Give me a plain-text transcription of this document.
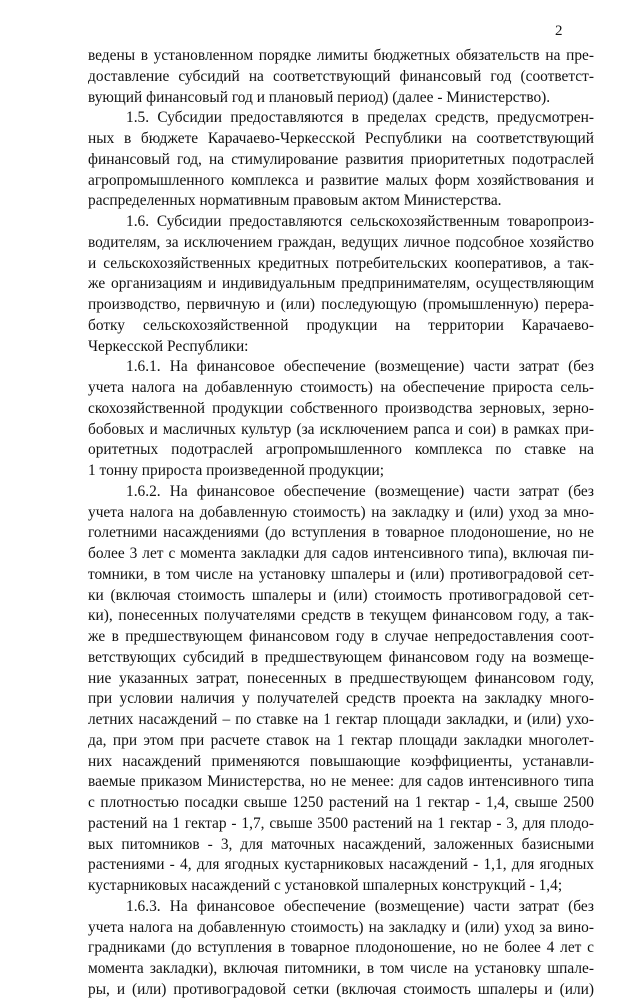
2
ведены в установленном порядке лимиты бюджетных обязательств на пре-
доставление субсидий на соответствующий финансовый год (соответст-
вующий финансовый год и плановый период) (далее - Министерство).
1.5. Субсидии предоставляются в пределах средств, предусмотрен-
ных в бюджете Карачаево-Черкесской Республики на соответствующий
финансовый год, на стимулирование развития приоритетных подотраслей
агропромышленного комплекса и развитие малых форм хозяйствования и
распределенных нормативным правовым актом Министерства.
1.6. Субсидии предоставляются сельскохозяйственным товаропроиз-
водителям, за исключением граждан, ведущих личное подсобное хозяйство
и сельскохозяйственных кредитных потребительских кооперативов, а так-
же организациям и индивидуальным предпринимателям, осуществляющим
производство, первичную и (или) последующую (промышленную) перера-
ботку сельскохозяйственной продукции на территории Карачаево-
Черкесской Республики:
1.6.1. На финансовое обеспечение (возмещение) части затрат (без
учета налога на добавленную стоимость) на обеспечение прироста сель-
скохозяйственной продукции собственного производства зерновых, зерно-
бобовых и масличных культур (за исключением рапса и сои) в рамках при-
оритетных подотраслей агропромышленного комплекса по ставке на
1 тонну прироста произведенной продукции;
1.6.2. На финансовое обеспечение (возмещение) части затрат (без
учета налога на добавленную стоимость) на закладку и (или) уход за мно-
голетними насаждениями (до вступления в товарное плодоношение, но не
более 3 лет с момента закладки для садов интенсивного типа), включая пи-
томники, в том числе на установку шпалеры и (или) противоградовой сет-
ки (включая стоимость шпалеры и (или) стоимость противоградовой сет-
ки), понесенных получателями средств в текущем финансовом году, а так-
же в предшествующем финансовом году в случае непредоставления соот-
ветствующих субсидий в предшествующем финансовом году на возмеще-
ние указанных затрат, понесенных в предшествующем финансовом году,
при условии наличия у получателей средств проекта на закладку много-
летних насаждений – по ставке на 1 гектар площади закладки, и (или) ухо-
да, при этом при расчете ставок на 1 гектар площади закладки многолет-
них насаждений применяются повышающие коэффициенты, устанавли-
ваемые приказом Министерства, но не менее: для садов интенсивного типа
с плотностью посадки свыше 1250 растений на 1 гектар - 1,4, свыше 2500
растений на 1 гектар - 1,7, свыше 3500 растений на 1 гектар - 3, для плодо-
вых питомников - 3, для маточных насаждений, заложенных базисными
растениями - 4, для ягодных кустарниковых насаждений - 1,1, для ягодных
кустарниковых насаждений с установкой шпалерных конструкций - 1,4;
1.6.3. На финансовое обеспечение (возмещение) части затрат (без
учета налога на добавленную стоимость) на закладку и (или) уход за вино-
градниками (до вступления в товарное плодоношение, но не более 4 лет с
момента закладки), включая питомники, в том числе на установку шпале-
ры, и (или) противоградовой сетки (включая стоимость шпалеры и (или)
